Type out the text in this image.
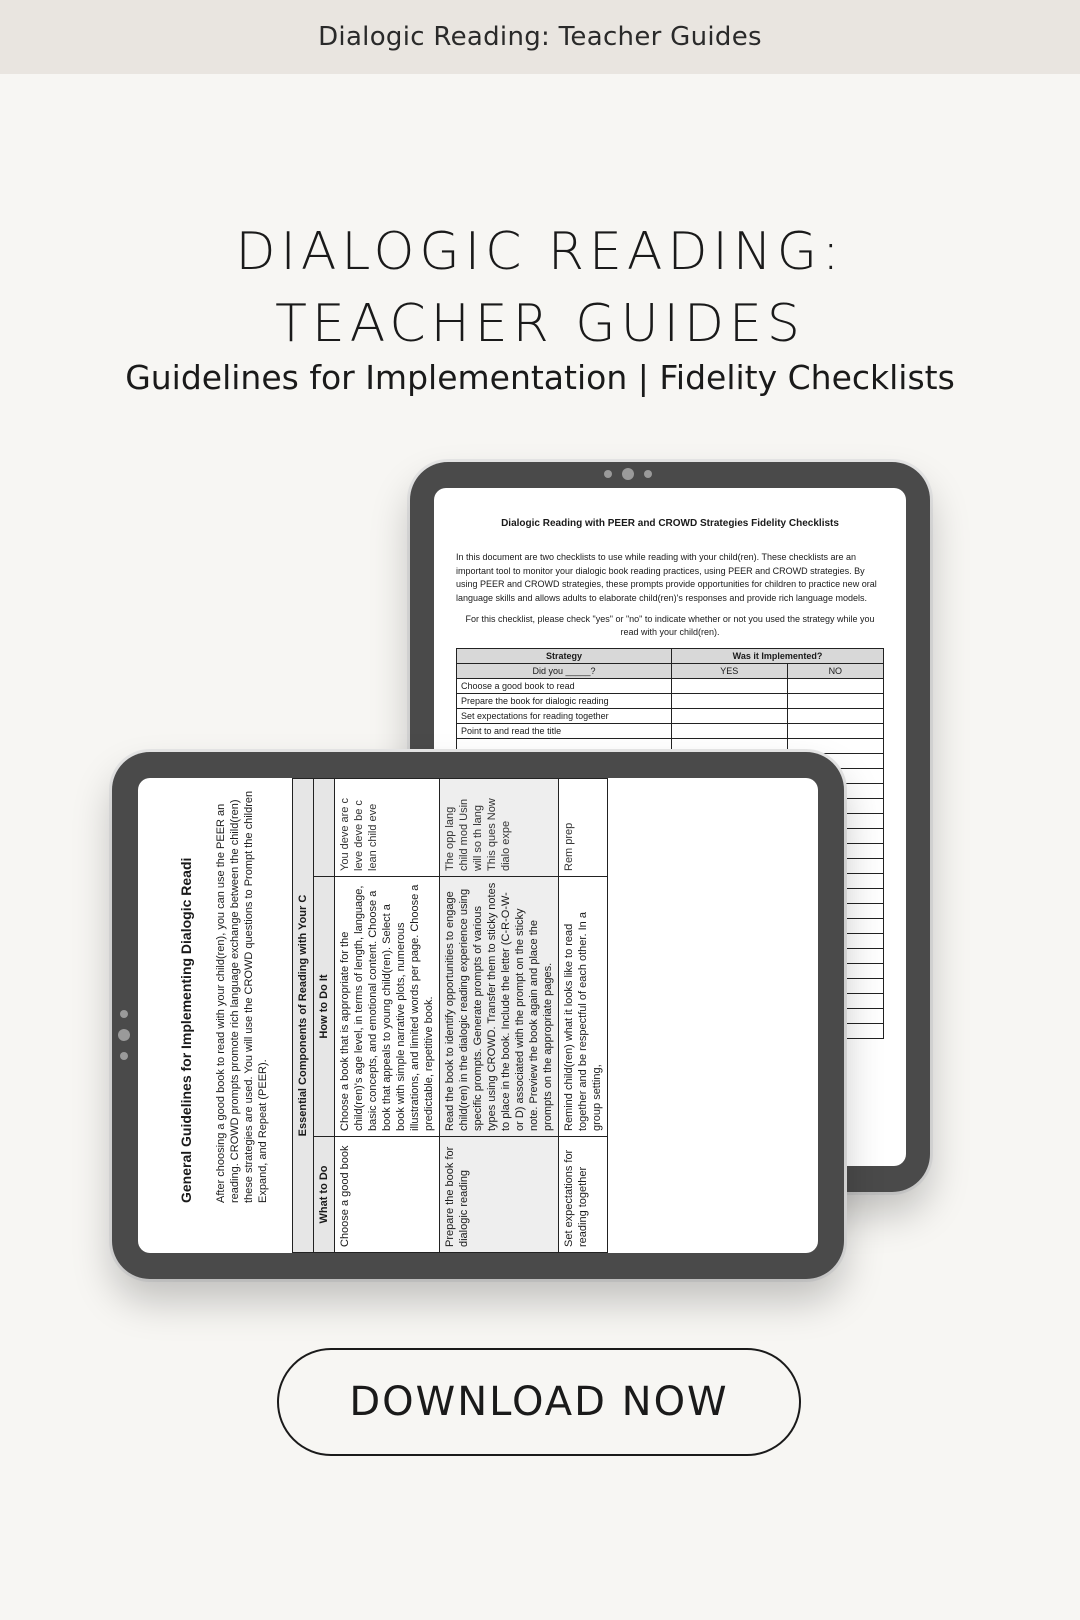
Dialogic Reading: Teacher Guides
DIALOGIC READING:
TEACHER GUIDES
Guidelines for Implementation | Fidelity Checklists
Dialogic Reading with PEER and CROWD Strategies Fidelity Checklists
In this document are two checklists to use while reading with your child(ren). These checklists are an important tool to monitor your dialogic book reading practices, using PEER and CROWD strategies. By using PEER and CROWD strategies, these prompts provide opportunities for children to practice new oral language skills and allows adults to elaborate child(ren)'s responses and provide rich language models.
For this checklist, please check "yes" or "no" to indicate whether or not you used the strategy while you read with your child(ren).
Strategy	Was it Implemented?	
Did you _____?	YES	NO
Choose a good book to read		
Prepare the book for dialogic reading		
Set expectations for reading together		
Point to and read the title		

General Guidelines for Implementing Dialogic Readi After choosing a good book to read with your child(ren), you can use the PEER an reading. CROWD prompts promote rich language exchange between the child(ren) these strategies are used. You will use the CROWD questions to Prompt the children Expand, and Repeat (PEER).	Essential Components of Reading with Your C		
What to Do	How to Do It	
Choose a good book	Choose a book that is appropriate for the child(ren)'s age level, in terms of length, language, basic concepts, and emotional content. Choose a book that appeals to young child(ren). Select a book with simple narrative plots, numerous illustrations, and limited words per page. Choose a predictable, repetitive book.	You deve are c leve deve be c lean child eve
Prepare the book for dialogic reading	Read the book to identify opportunities to engage child(ren) in the dialogic reading experience using specific prompts. Generate prompts of various types using CROWD. Transfer them to sticky notes to place in the book. Include the letter (C-R-O-W- or D) associated with the prompt on the sticky note. Preview the book again and place the prompts on the appropriate pages.	The opp lang child mod Usin will so th lang This ques Now dialo expe
Set expectations for reading together	Remind child(ren) what it looks like to read together and be respectful of each other. In a group setting,	Rem prep
DOWNLOAD NOW
